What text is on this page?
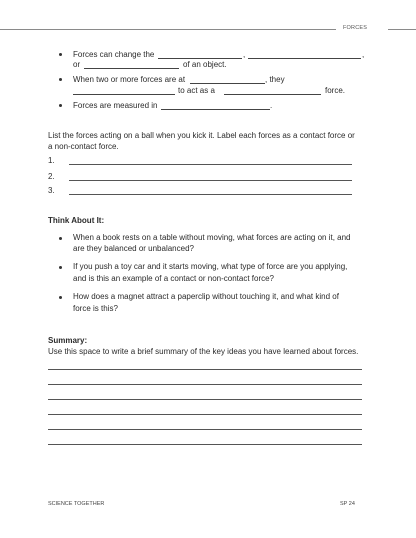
FORCES
Forces can change the	,	,
or	of an object.
When two or more forces are at	, they
to act as a	force.
Forces are measured in	.
List the forces acting on a ball when you kick it. Label each forces as a contact force or
a non-contact force.
1.
2.
3.
Think About It:
When a book rests on a table without moving, what forces are acting on it, and
are they balanced or unbalanced?
If you push a toy car and it starts moving, what type of force are you applying,
and is this an example of a contact or non-contact force?
How does a magnet attract a paperclip without touching it, and what kind of
force is this?
Summary:
Use this space to write a brief summary of the key ideas you have learned about forces.
SCIENCE TOGETHER	SP 24
